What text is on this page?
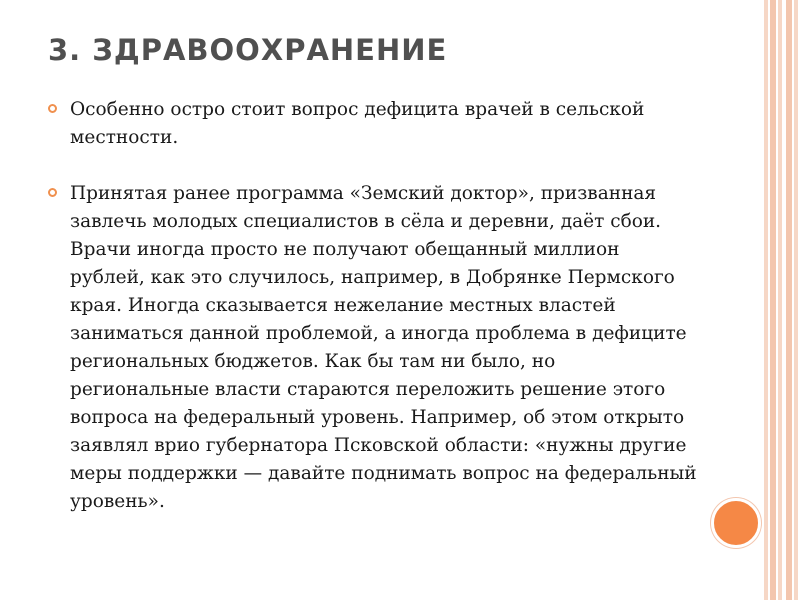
3. ЗДРАВООХРАНЕНИЕ
Особенно остро стоит вопрос дефицита врачей в сельской местности.
Принятая ранее программа «Земский доктор», призванная завлечь молодых специалистов в сёла и деревни, даёт сбои. Врачи иногда просто не получают обещанный миллион рублей, как это случилось, например, в Добрянке Пермского края. Иногда сказывается нежелание местных властей заниматься данной проблемой, а иногда проблема в дефиците региональных бюджетов. Как бы там ни было, но региональные власти стараются переложить решение этого вопроса на федеральный уровень. Например, об этом открыто заявлял врио губернатора Псковской области: «нужны другие меры поддержки — давайте поднимать вопрос на федеральный уровень».
